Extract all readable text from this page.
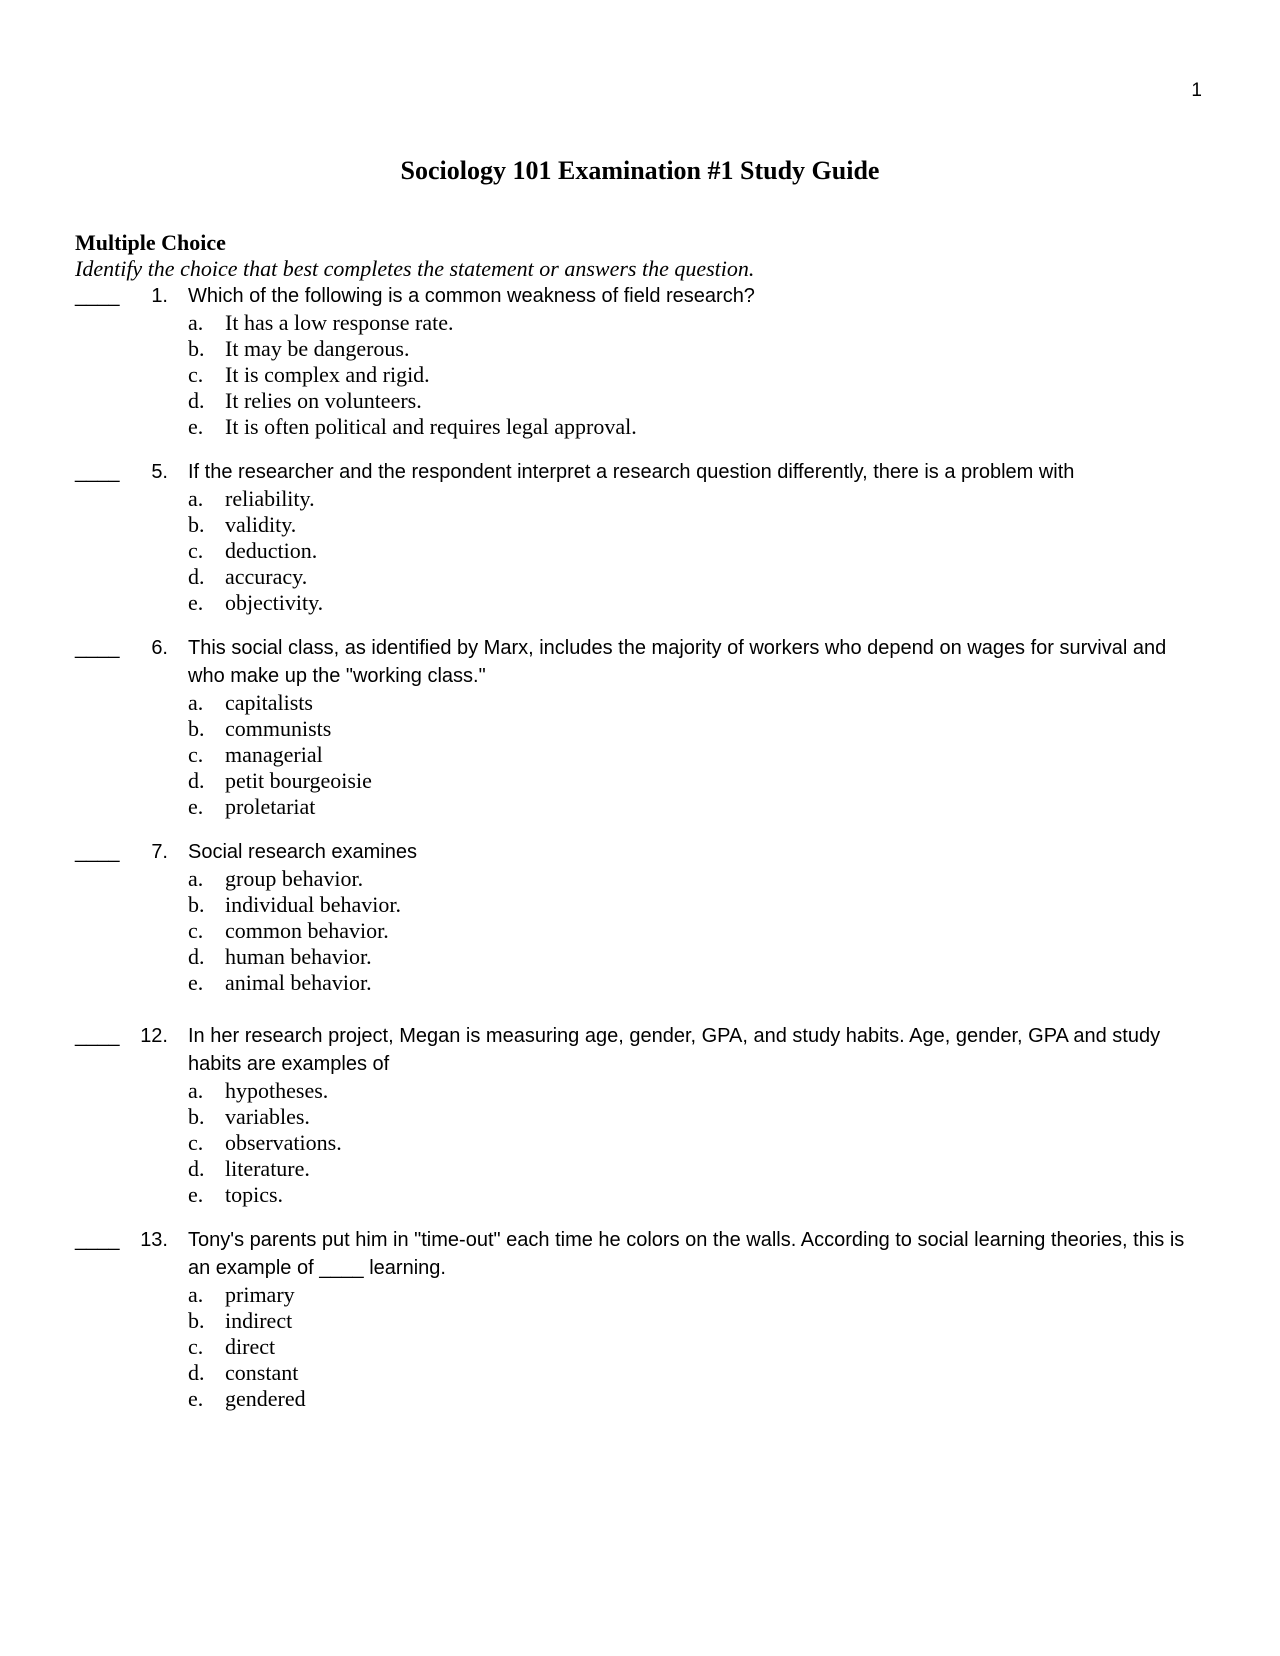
1
Sociology 101 Examination #1 Study Guide
Multiple Choice
Identify the choice that best completes the statement or answers the question.
____	1. Which of the following is a common weakness of field research?
a. It has a low response rate.
b. It may be dangerous.
c. It is complex and rigid.
d. It relies on volunteers.
e. It is often political and requires legal approval.
____	5. If the researcher and the respondent interpret a research question differently, there is a problem with
a. reliability.
b. validity.
c. deduction.
d. accuracy.
e. objectivity.
____	6. This social class, as identified by Marx, includes the majority of workers who depend on wages for survival and who make up the "working class."
a. capitalists
b. communists
c. managerial
d. petit bourgeoisie
e. proletariat
____	7. Social research examines
a. group behavior.
b. individual behavior.
c. common behavior.
d. human behavior.
e. animal behavior.
____	12. In her research project, Megan is measuring age, gender, GPA, and study habits. Age, gender, GPA and study habits are examples of
a. hypotheses.
b. variables.
c. observations.
d. literature.
e. topics.
____	13. Tony's parents put him in "time-out" each time he colors on the walls. According to social learning theories, this is an example of ____ learning.
a. primary
b. indirect
c. direct
d. constant
e. gendered
